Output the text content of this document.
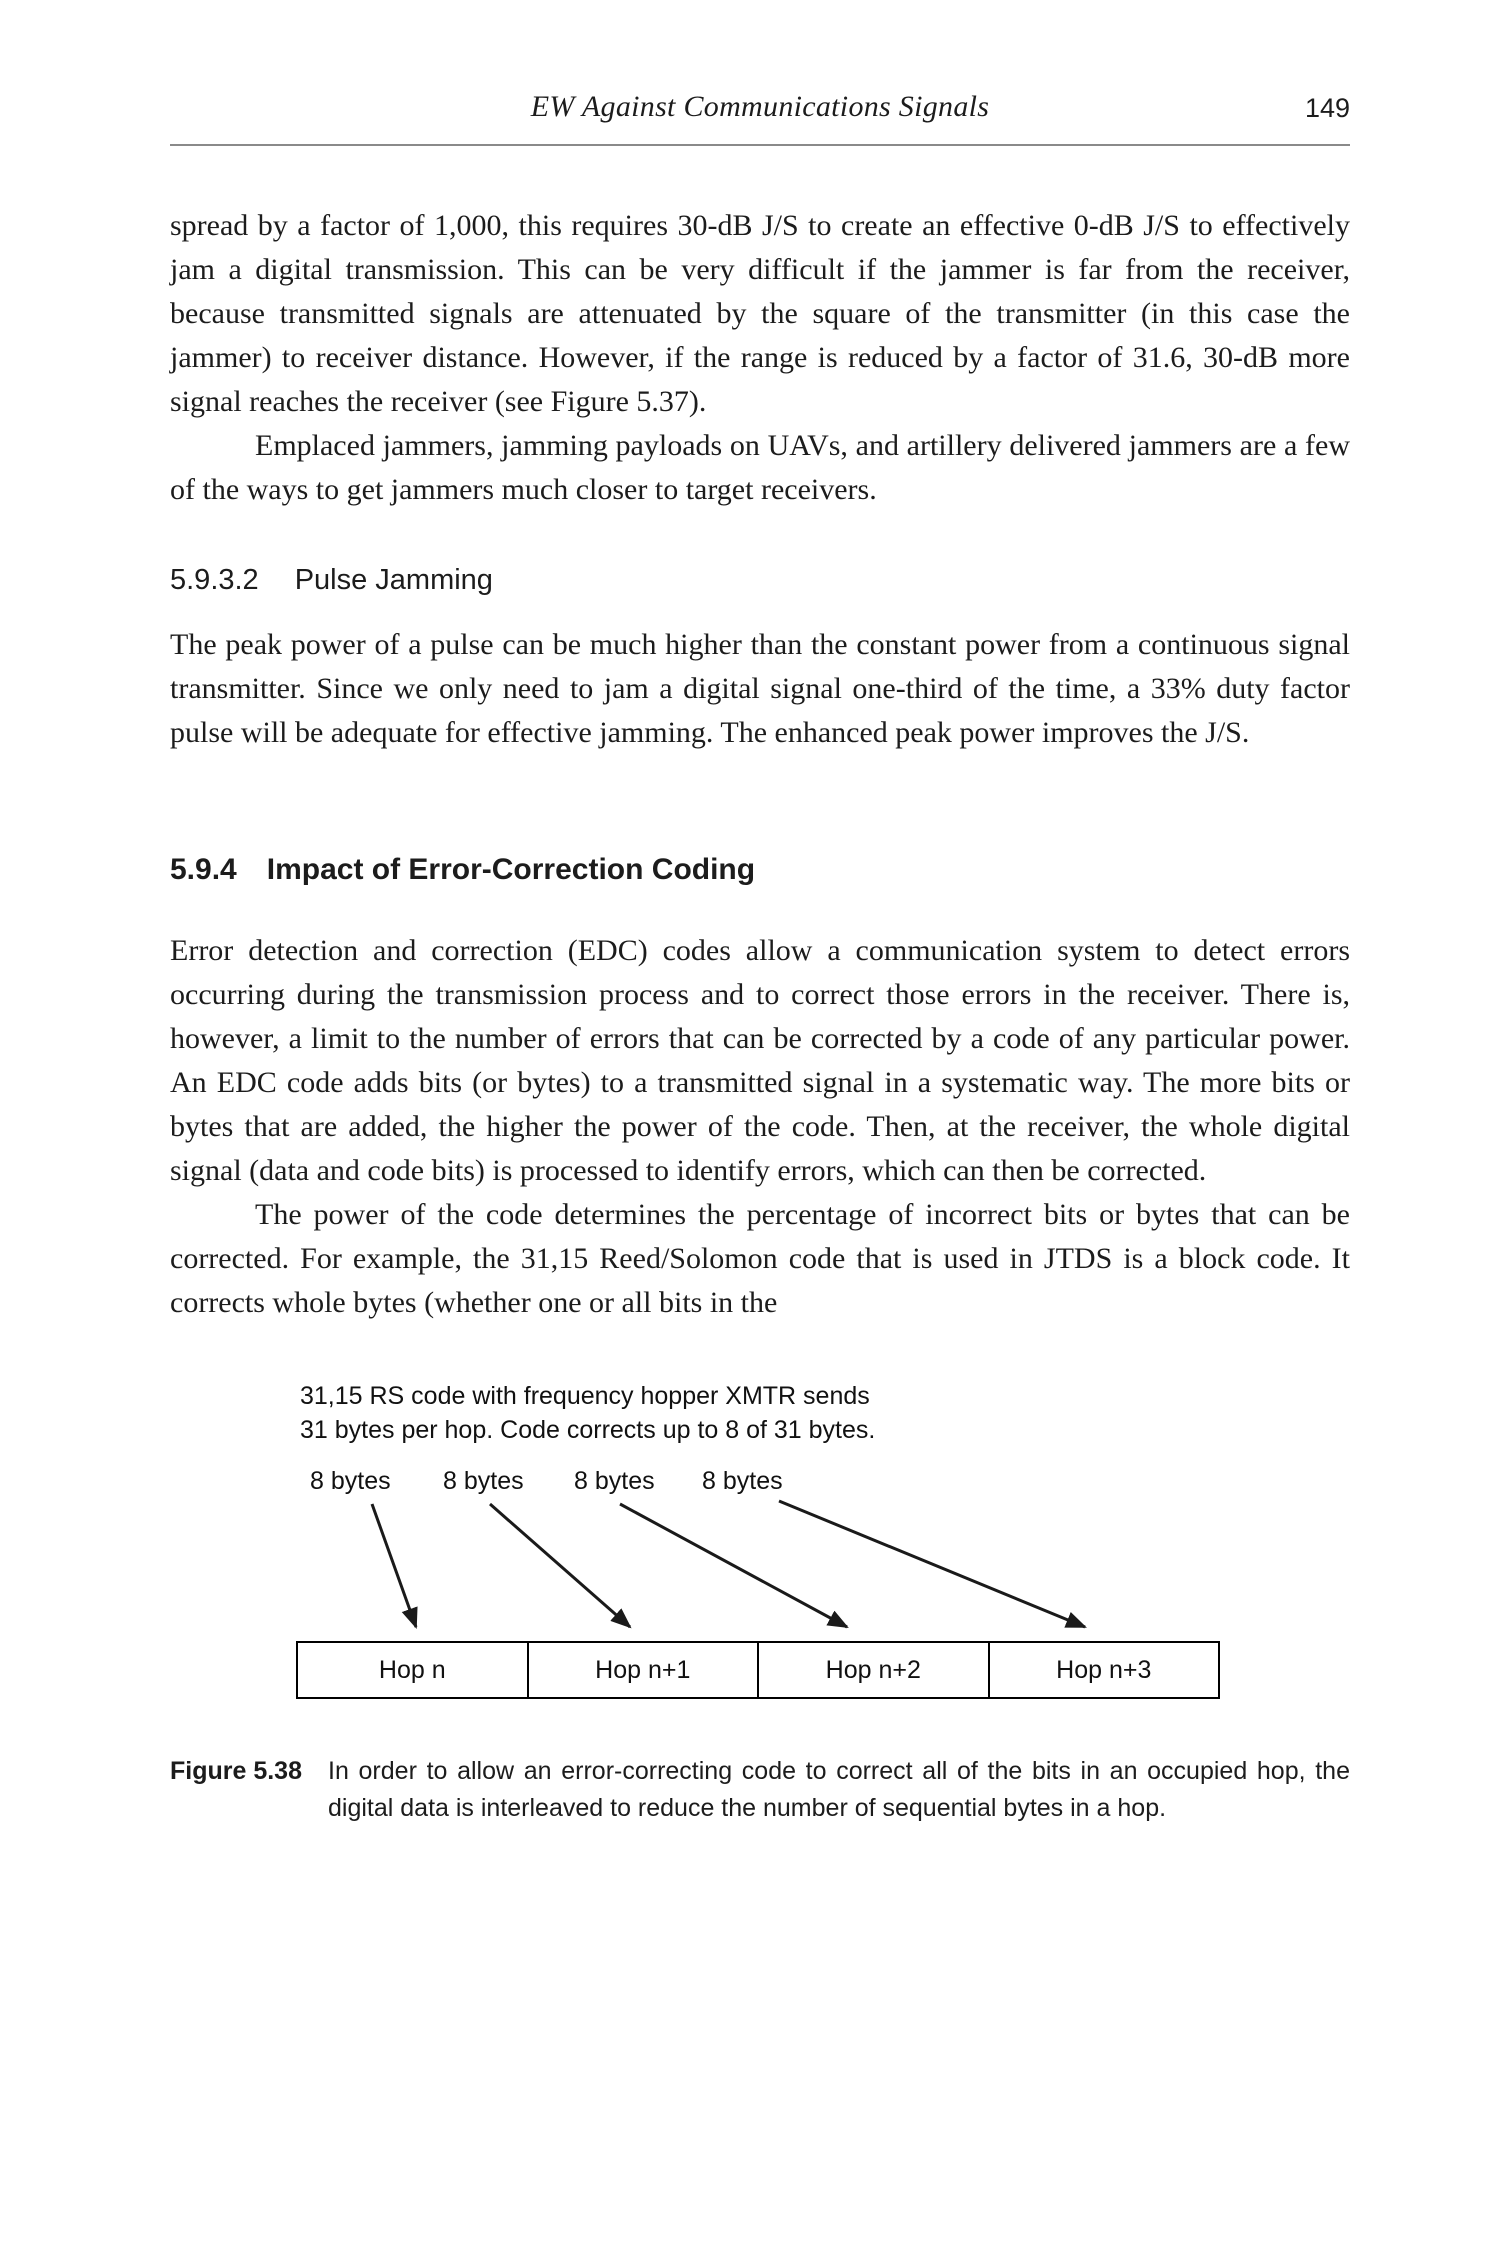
EW Against Communications Signals	149

spread by a factor of 1,000, this requires 30-dB J/S to create an effective 0-dB J/S to effectively jam a digital transmission. This can be very difficult if the jammer is far from the receiver, because transmitted signals are attenuated by the square of the transmitter (in this case the jammer) to receiver distance. However, if the range is reduced by a factor of 31.6, 30-dB more signal reaches the receiver (see Figure 5.37).

Emplaced jammers, jamming payloads on UAVs, and artillery delivered jammers are a few of the ways to get jammers much closer to target receivers.

5.9.3.2 Pulse Jamming

The peak power of a pulse can be much higher than the constant power from a continuous signal transmitter. Since we only need to jam a digital signal one-third of the time, a 33% duty factor pulse will be adequate for effective jamming. The enhanced peak power improves the J/S.

5.9.4 Impact of Error-Correction Coding

Error detection and correction (EDC) codes allow a communication system to detect errors occurring during the transmission process and to correct those errors in the receiver. There is, however, a limit to the number of errors that can be corrected by a code of any particular power. An EDC code adds bits (or bytes) to a transmitted signal in a systematic way. The more bits or bytes that are added, the higher the power of the code. Then, at the receiver, the whole digital signal (data and code bits) is processed to identify errors, which can then be corrected.

The power of the code determines the percentage of incorrect bits or bytes that can be corrected. For example, the 31,15 Reed/Solomon code that is used in JTDS is a block code. It corrects whole bytes (whether one or all bits in the

31,15 RS code with frequency hopper XMTR sends
31 bytes per hop. Code corrects up to 8 of 31 bytes.
8 bytes 8 bytes 8 bytes 8 bytes
Hop n	Hop n+1	Hop n+2	Hop n+3
Figure 5.38	In order to allow an error-correcting code to correct all of the bits in an occupied hop, the digital data is interleaved to reduce the number of sequential bytes in a hop.
